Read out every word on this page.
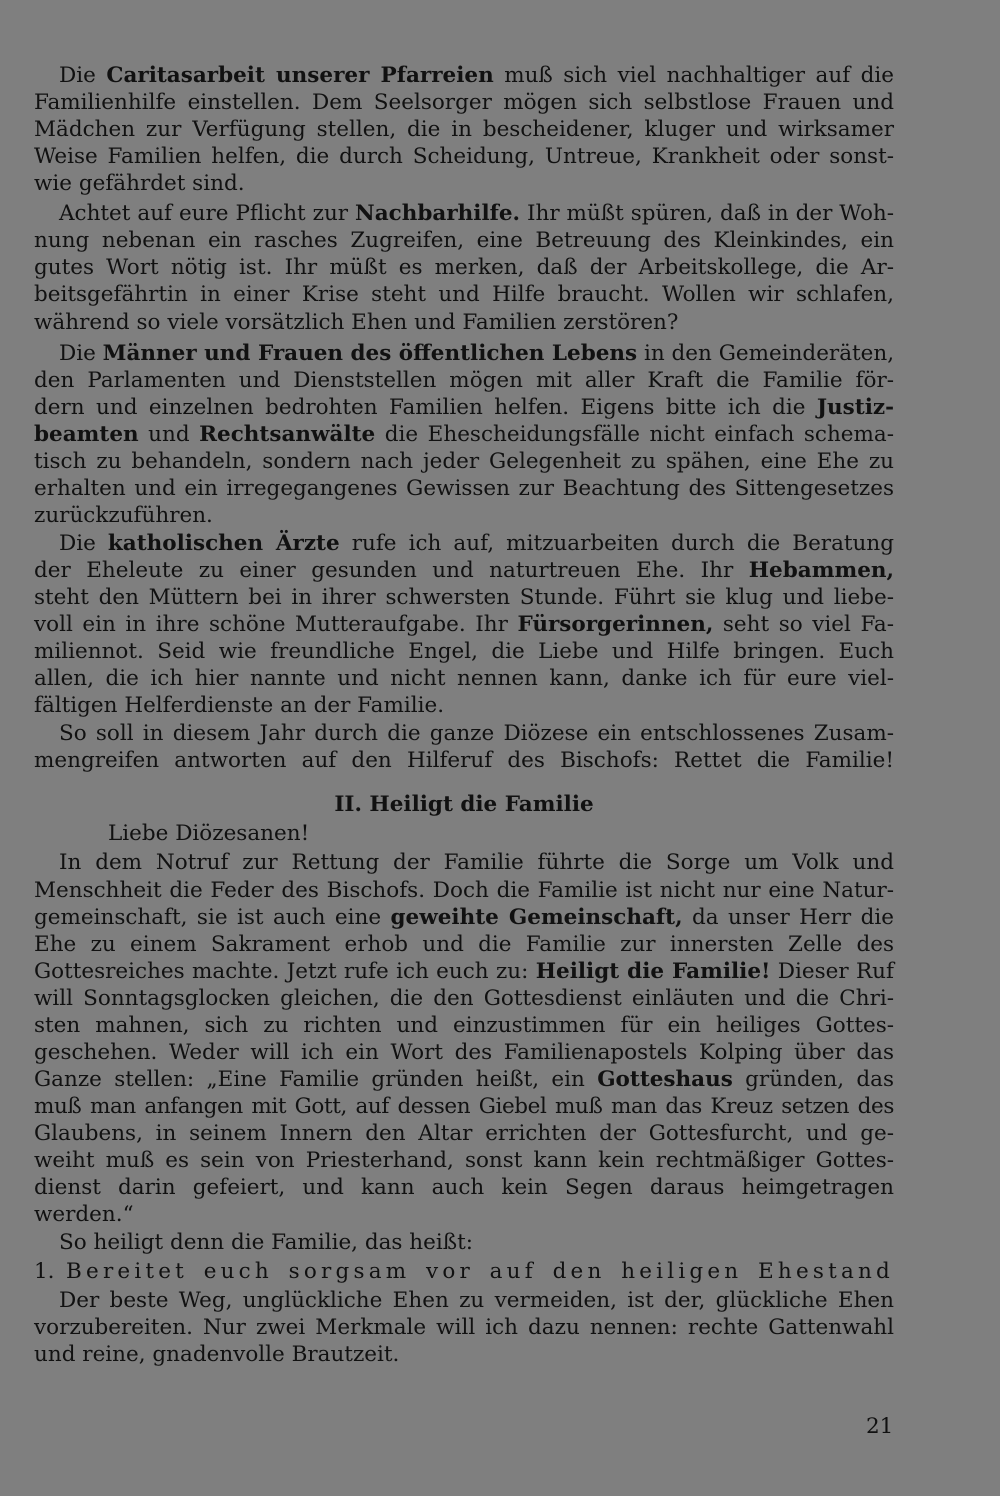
Die Caritasarbeit unserer Pfarreien muß sich viel nachhaltiger auf die
Familienhilfe einstellen. Dem Seelsorger mögen sich selbstlose Frauen und
Mädchen zur Verfügung stellen, die in bescheidener, kluger und wirksamer
Weise Familien helfen, die durch Scheidung, Untreue, Krankheit oder sonst-
wie gefährdet sind.
Achtet auf eure Pflicht zur Nachbarhilfe. Ihr müßt spüren, daß in der Woh-
nung nebenan ein rasches Zugreifen, eine Betreuung des Kleinkindes, ein
gutes Wort nötig ist. Ihr müßt es merken, daß der Arbeitskollege, die Ar-
beitsgefährtin in einer Krise steht und Hilfe braucht. Wollen wir schlafen,
während so viele vorsätzlich Ehen und Familien zerstören?
Die Männer und Frauen des öffentlichen Lebens in den Gemeinderäten,
den Parlamenten und Dienststellen mögen mit aller Kraft die Familie för-
dern und einzelnen bedrohten Familien helfen. Eigens bitte ich die Justiz-
beamten und Rechtsanwälte die Ehescheidungsfälle nicht einfach schema-
tisch zu behandeln, sondern nach jeder Gelegenheit zu spähen, eine Ehe zu
erhalten und ein irregegangenes Gewissen zur Beachtung des Sittengesetzes
zurückzuführen.
Die katholischen Ärzte rufe ich auf, mitzuarbeiten durch die Beratung
der Eheleute zu einer gesunden und naturtreuen Ehe. Ihr Hebammen,
steht den Müttern bei in ihrer schwersten Stunde. Führt sie klug und liebe-
voll ein in ihre schöne Mutteraufgabe. Ihr Fürsorgerinnen, seht so viel Fa-
miliennot. Seid wie freundliche Engel, die Liebe und Hilfe bringen. Euch
allen, die ich hier nannte und nicht nennen kann, danke ich für eure viel-
fältigen Helferdienste an der Familie.
So soll in diesem Jahr durch die ganze Diözese ein entschlossenes Zusam-
mengreifen antworten auf den Hilferuf des Bischofs: Rettet die Familie!
II. Heiligt die Familie
Liebe Diözesanen!
In dem Notruf zur Rettung der Familie führte die Sorge um Volk und
Menschheit die Feder des Bischofs. Doch die Familie ist nicht nur eine Natur-
gemeinschaft, sie ist auch eine geweihte Gemeinschaft, da unser Herr die
Ehe zu einem Sakrament erhob und die Familie zur innersten Zelle des
Gottesreiches machte. Jetzt rufe ich euch zu: Heiligt die Familie! Dieser Ruf
will Sonntagsglocken gleichen, die den Gottesdienst einläuten und die Chri-
sten mahnen, sich zu richten und einzustimmen für ein heiliges Gottes-
geschehen. Weder will ich ein Wort des Familienapostels Kolping über das
Ganze stellen: „Eine Familie gründen heißt, ein Gotteshaus gründen, das
muß man anfangen mit Gott, auf dessen Giebel muß man das Kreuz setzen des
Glaubens, in seinem Innern den Altar errichten der Gottesfurcht, und ge-
weiht muß es sein von Priesterhand, sonst kann kein rechtmäßiger Gottes-
dienst darin gefeiert, und kann auch kein Segen daraus heimgetragen
werden.“
So heiligt denn die Familie, das heißt:
1. Bereitet euch sorgsam vor auf den heiligen Ehestand
Der beste Weg, unglückliche Ehen zu vermeiden, ist der, glückliche Ehen
vorzubereiten. Nur zwei Merkmale will ich dazu nennen: rechte Gattenwahl
und reine, gnadenvolle Brautzeit.
21
